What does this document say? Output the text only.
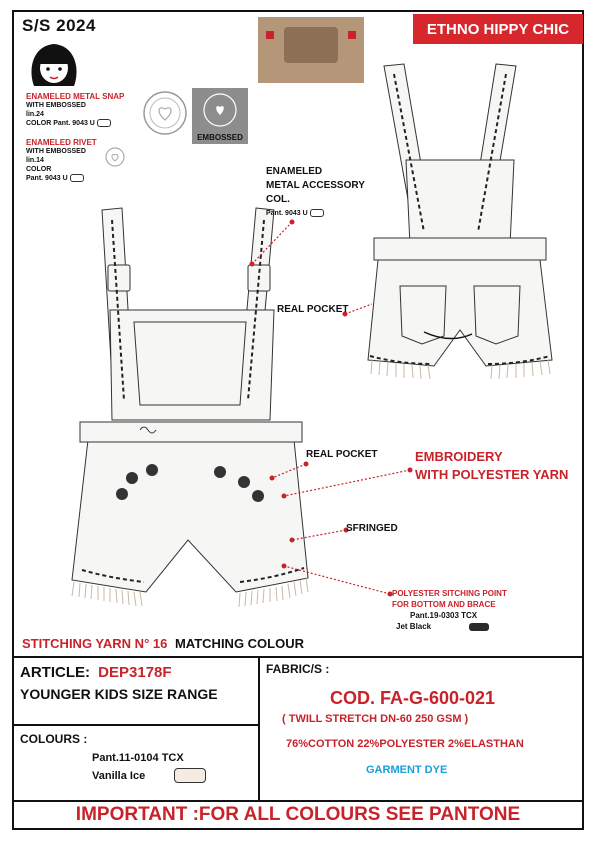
S/S 2024	ETHNO HIPPY CHIC
EMBOSSED
ENAMELED METAL SNAP
WITH EMBOSSED
lin.24
COLOR Pant. 9043 U
ENAMELED RIVET
WITH EMBOSSED
lin.14
COLOR
Pant. 9043 U
ENAMELED
METAL ACCESSORY
COL.
Pant. 9043 U
REAL POCKET
REAL POCKET	EMBROIDERY
WITH POLYESTER YARN
SFRINGED
POLYESTER SITCHING POINT
FOR BOTTOM AND BRACE
Pant.19-0303 TCX
Jet Black
STITCHING YARN N° 16 MATCHING COLOUR
ARTICLE: DEP3178F
YOUNGER KIDS SIZE RANGE
COLOURS :
Pant.11-0104 TCX
Vanilla Ice
FABRIC/S :
COD. FA-G-600-021
( TWILL STRETCH DN-60 250 GSM )
76%COTTON 22%POLYESTER 2%ELASTHAN
GARMENT DYE
IMPORTANT :FOR ALL COLOURS SEE PANTONE
